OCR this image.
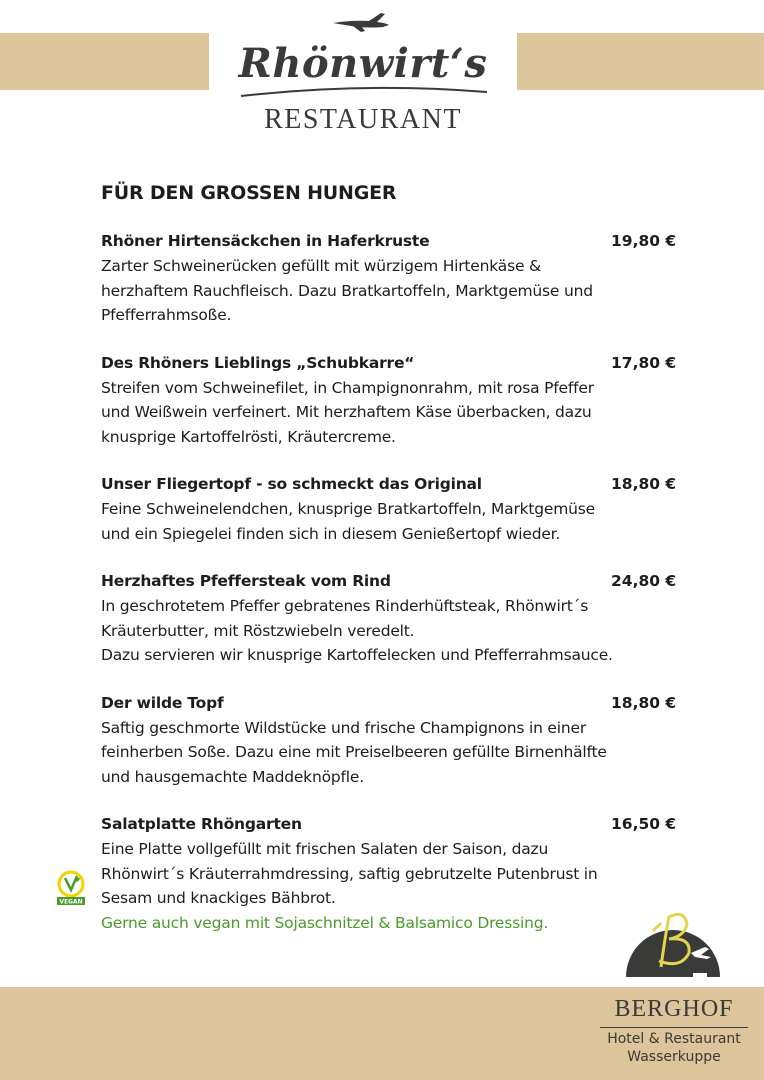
Rhönwirt‘s
RESTAURANT
FÜR DEN GROSSEN HUNGER
Rhöner Hirtensäckchen in Haferkruste	19,80 €
Zarter Schweinerücken gefüllt mit würzigem Hirtenkäse &
herzhaftem Rauchfleisch. Dazu Bratkartoffeln, Marktgemüse und
Pfefferrahmsoße.
Des Rhöners Lieblings „Schubkarre“	17,80 €
Streifen vom Schweinefilet, in Champignonrahm, mit rosa Pfeffer
und Weißwein verfeinert. Mit herzhaftem Käse überbacken, dazu
knusprige Kartoffelrösti, Kräutercreme.
Unser Fliegertopf - so schmeckt das Original	18,80 €
Feine Schweinelendchen, knusprige Bratkartoffeln, Marktgemüse
und ein Spiegelei finden sich in diesem Genießertopf wieder.
Herzhaftes Pfeffersteak vom Rind	24,80 €
In geschrotetem Pfeffer gebratenes Rinderhüftsteak, Rhönwirt´s
Kräuterbutter, mit Röstzwiebeln veredelt.
Dazu servieren wir knusprige Kartoffelecken und Pfefferrahmsauce.
Der wilde Topf	18,80 €
Saftig geschmorte Wildstücke und frische Champignons in einer
feinherben Soße. Dazu eine mit Preiselbeeren gefüllte Birnenhälfte
und hausgemachte Maddeknöpfle.
Salatplatte Rhöngarten	16,50 €
Eine Platte vollgefüllt mit frischen Salaten der Saison, dazu
Rhönwirt´s Kräuterrahmdressing, saftig gebrutzelte Putenbrust in
Sesam und knackiges Bähbrot.
Gerne auch vegan mit Sojaschnitzel & Balsamico Dressing.
VEGAN
BERGHOF
Hotel & Restaurant
Wasserkuppe
